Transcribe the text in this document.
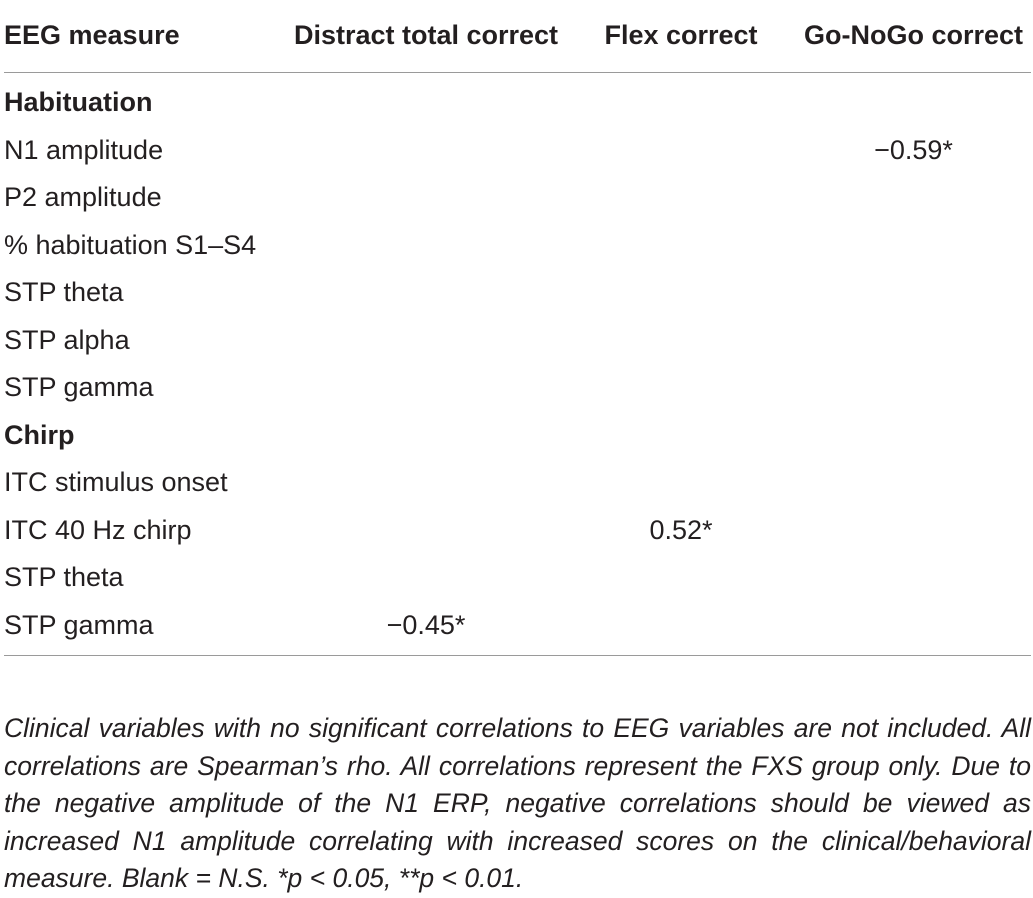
EEG measure	Distract total correct	Flex correct	Go-NoGo correct
Habituation			
N1 amplitude			−0.59*
P2 amplitude			
% habituation S1–S4			
STP theta			
STP alpha			
STP gamma			
Chirp			
ITC stimulus onset			
ITC 40 Hz chirp		0.52*	
STP theta			
STP gamma	−0.45*		
Clinical variables with no significant correlations to EEG variables are not included. All correlations are Spearman’s rho. All correlations represent the FXS group only. Due to the negative amplitude of the N1 ERP, negative correlations should be viewed as increased N1 amplitude correlating with increased scores on the clinical/behavioral measure. Blank = N.S. *p < 0.05, **p < 0.01.
